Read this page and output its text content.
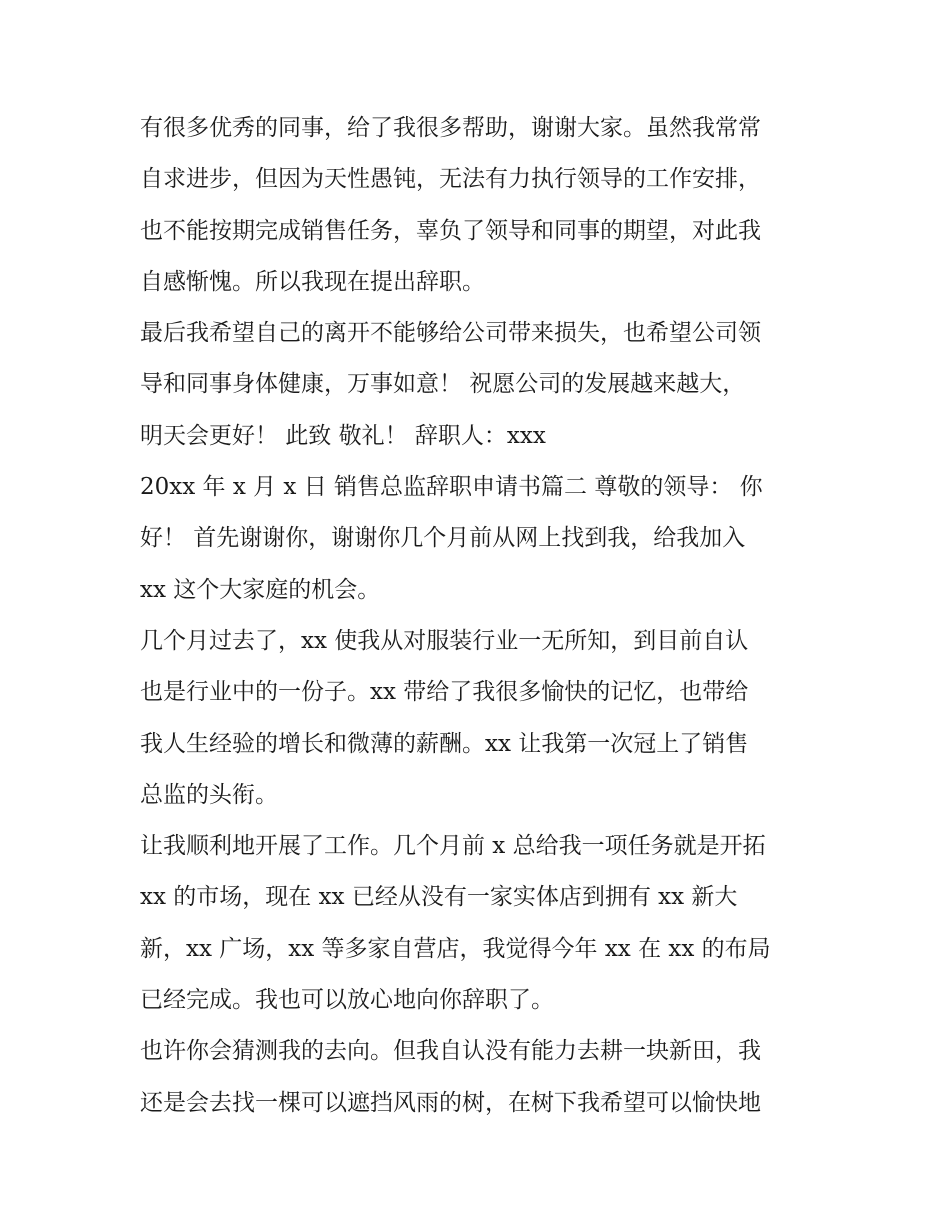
有很多优秀的同事，给了我很多帮助，谢谢大家。虽然我常常
自求进步，但因为天性愚钝，无法有力执行领导的工作安排，
也不能按期完成销售任务，辜负了领导和同事的期望，对此我
自感惭愧。所以我现在提出辞职。
最后我希望自己的离开不能够给公司带来损失，也希望公司领
导和同事身体健康，万事如意！ 祝愿公司的发展越来越大，
明天会更好！ 此致 敬礼！ 辞职人：xxx
20xx 年 x 月 x 日 销售总监辞职申请书篇二 尊敬的领导： 你
好！ 首先谢谢你，谢谢你几个月前从网上找到我，给我加入
xx 这个大家庭的机会。
几个月过去了，xx 使我从对服装行业一无所知，到目前自认
也是行业中的一份子。xx 带给了我很多愉快的记忆，也带给
我人生经验的增长和微薄的薪酬。xx 让我第一次冠上了销售
总监的头衔。
让我顺利地开展了工作。几个月前 x 总给我一项任务就是开拓
xx 的市场，现在 xx 已经从没有一家实体店到拥有 xx 新大
新，xx 广场，xx 等多家自营店，我觉得今年 xx 在 xx 的布局
已经完成。我也可以放心地向你辞职了。
也许你会猜测我的去向。但我自认没有能力去耕一块新田，我
还是会去找一棵可以遮挡风雨的树，在树下我希望可以愉快地
